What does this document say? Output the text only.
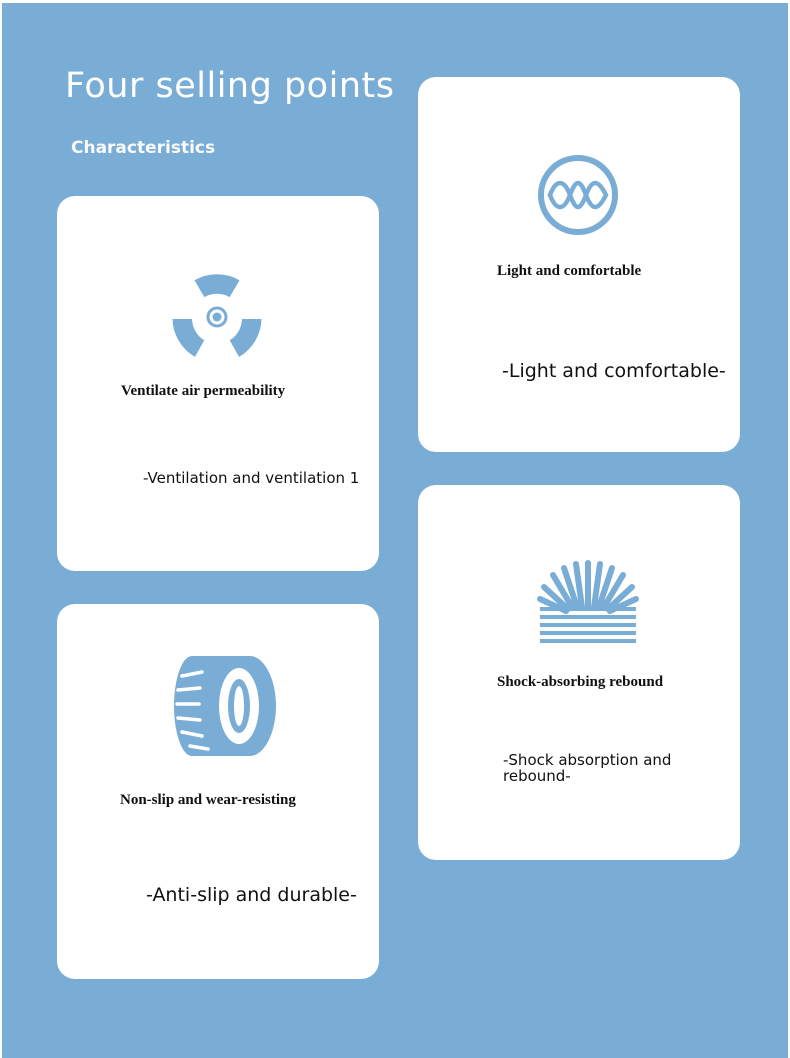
Four selling points
Characteristics
Ventilate air permeability
-Ventilation and ventilation 1
Light and comfortable
-Light and comfortable-
Non-slip and wear-resisting
-Anti-slip and durable-
Shock-absorbing rebound
-Shock absorption and
rebound-
